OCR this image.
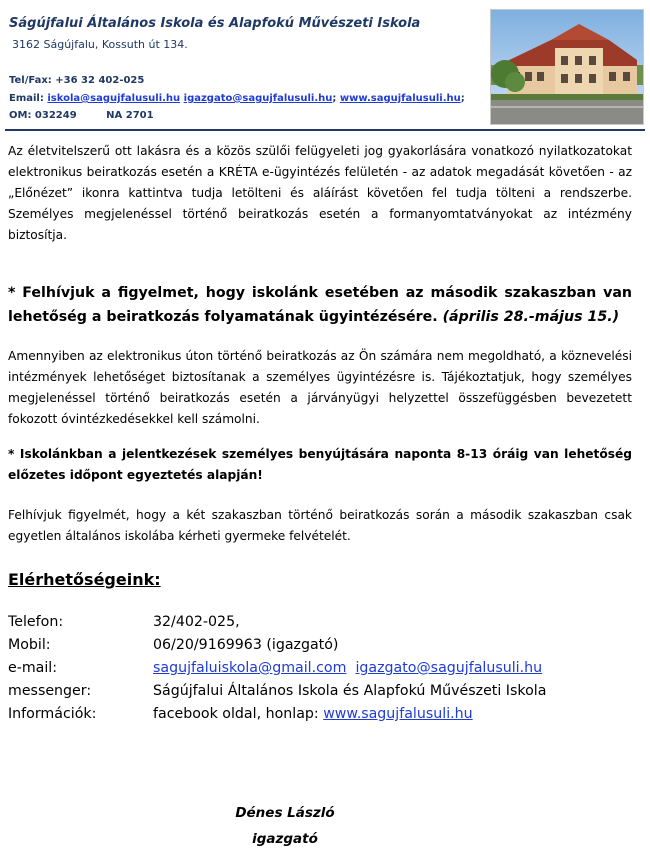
Ságújfalui Általános Iskola és Alapfokú Művészeti Iskola
3162 Ságújfalu, Kossuth út 134.
Tel/Fax: +36 32 402-025
Email: iskola@sagujfalusuli.hu igazgato@sagujfalusuli.hu; www.sagujfalusuli.hu;
OM: 032249	NA 2701

Az életvitelszerű ott lakásra és a közös szülői felügyeleti jog gyakorlására vonatkozó nyilatkozatokat elektronikus beiratkozás esetén a KRÉTA e-ügyintézés felületén - az adatok megadását követően - az „Előnézet” ikonra kattintva tudja letölteni és aláírást követően fel tudja tölteni a rendszerbe. Személyes megjelenéssel történő beiratkozás esetén a formanyomtatványokat az intézmény biztosítja.

* Felhívjuk a figyelmet, hogy iskolánk esetében az második szakaszban van lehetőség a beiratkozás folyamatának ügyintézésére. (április 28.-május 15.)

Amennyiben az elektronikus úton történő beiratkozás az Ön számára nem megoldható, a köznevelési intézmények lehetőséget biztosítanak a személyes ügyintézésre is. Tájékoztatjuk, hogy személyes megjelenéssel történő beiratkozás esetén a járványügyi helyzettel összefüggésben bevezetett fokozott óvintézkedésekkel kell számolni.

* Iskolánkban a jelentkezések személyes benyújtására naponta 8-13 óráig van lehetőség előzetes időpont egyeztetés alapján!

Felhívjuk figyelmét, hogy a két szakaszban történő beiratkozás során a második szakaszban csak egyetlen általános iskolába kérheti gyermeke felvételét.

Elérhetőségeink:
Telefon:	32/402-025,
Mobil:	06/20/9169963 (igazgató)
e-mail:	sagujfaluiskola@gmail.com igazgato@sagujfalusuli.hu
messenger:	Ságújfalui Általános Iskola és Alapfokú Művészeti Iskola
Információk:	facebook oldal, honlap: www.sagujfalusuli.hu
Dénes László
igazgató
